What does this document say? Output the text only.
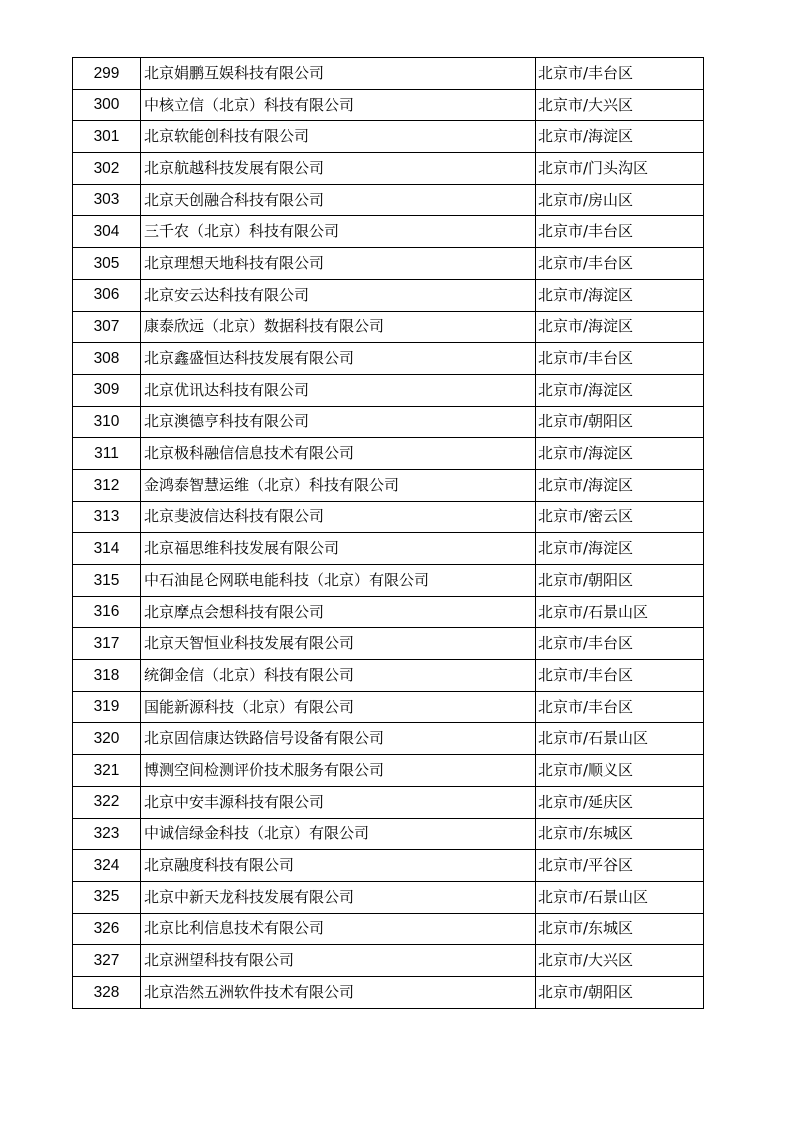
299	北京娟鹏互娱科技有限公司	北京市/丰台区
300	中核立信（北京）科技有限公司	北京市/大兴区
301	北京软能创科技有限公司	北京市/海淀区
302	北京航越科技发展有限公司	北京市/门头沟区
303	北京天创融合科技有限公司	北京市/房山区
304	三千农（北京）科技有限公司	北京市/丰台区
305	北京理想天地科技有限公司	北京市/丰台区
306	北京安云达科技有限公司	北京市/海淀区
307	康泰欣远（北京）数据科技有限公司	北京市/海淀区
308	北京鑫盛恒达科技发展有限公司	北京市/丰台区
309	北京优讯达科技有限公司	北京市/海淀区
310	北京澳德亨科技有限公司	北京市/朝阳区
311	北京极科融信信息技术有限公司	北京市/海淀区
312	金鸿泰智慧运维（北京）科技有限公司	北京市/海淀区
313	北京斐波信达科技有限公司	北京市/密云区
314	北京福思维科技发展有限公司	北京市/海淀区
315	中石油昆仑网联电能科技（北京）有限公司	北京市/朝阳区
316	北京摩点会想科技有限公司	北京市/石景山区
317	北京天智恒业科技发展有限公司	北京市/丰台区
318	统御金信（北京）科技有限公司	北京市/丰台区
319	国能新源科技（北京）有限公司	北京市/丰台区
320	北京固信康达铁路信号设备有限公司	北京市/石景山区
321	博测空间检测评价技术服务有限公司	北京市/顺义区
322	北京中安丰源科技有限公司	北京市/延庆区
323	中诚信绿金科技（北京）有限公司	北京市/东城区
324	北京融度科技有限公司	北京市/平谷区
325	北京中新天龙科技发展有限公司	北京市/石景山区
326	北京比利信息技术有限公司	北京市/东城区
327	北京洲望科技有限公司	北京市/大兴区
328	北京浩然五洲软件技术有限公司	北京市/朝阳区
